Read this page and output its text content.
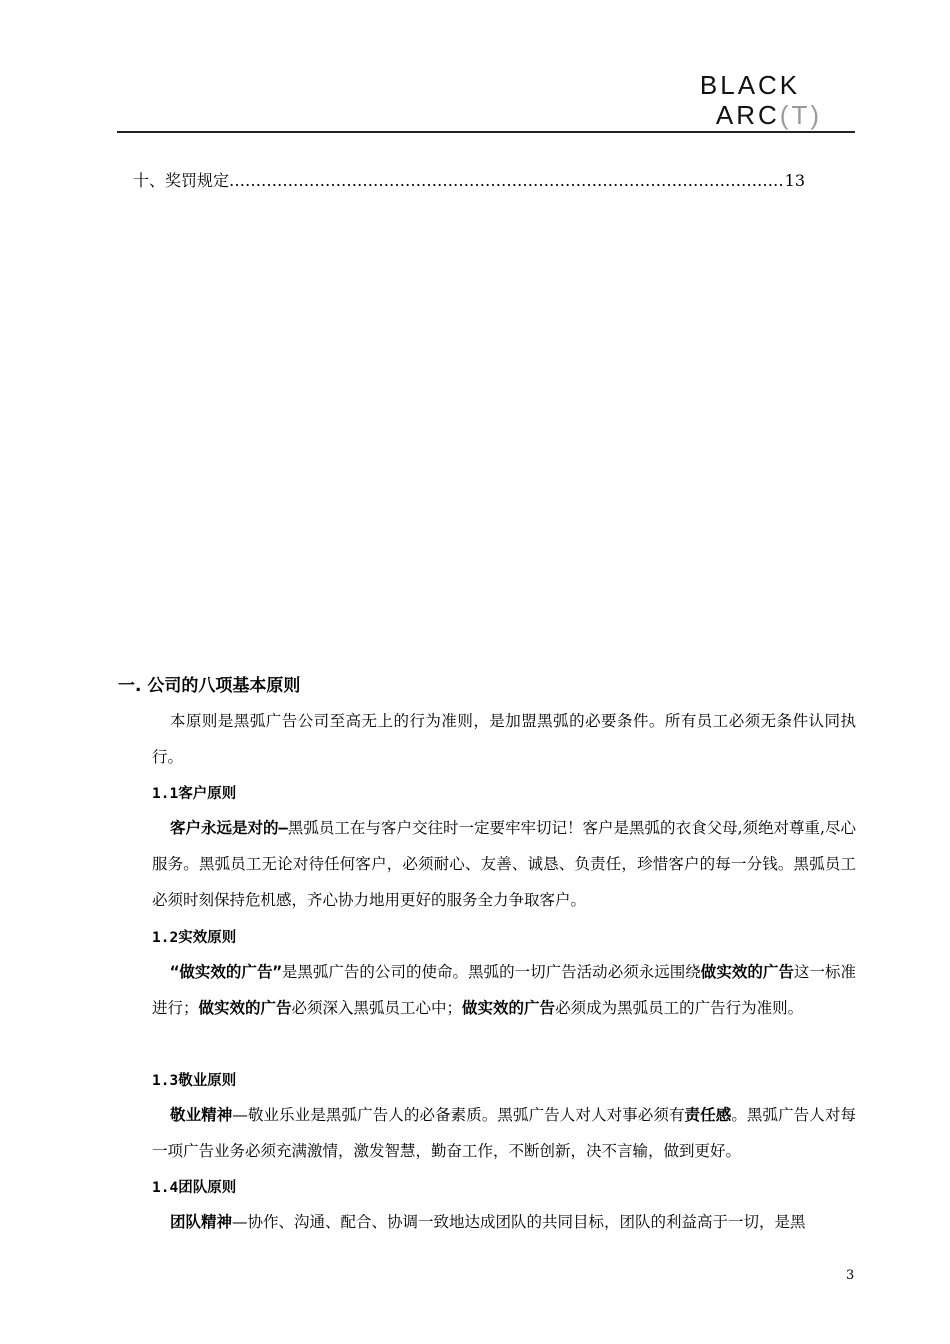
BLACK
ARC(T)
十、奖罚规定
……………………………………………………………………………………………………………………………………	13
一. 公司的八项基本原则
本原则是黑弧广告公司至高无上的行为准则，是加盟黑弧的必要条件。所有员工必须无条件认同执行。
1.1客户原则
客户永远是对的—黑弧员工在与客户交往时一定要牢牢切记！客户是黑弧的衣食父母,须绝对尊重,尽心服务。黑弧员工无论对待任何客户，必须耐心、友善、诚恳、负责任，珍惜客户的每一分钱。黑弧员工必须时刻保持危机感，齐心协力地用更好的服务全力争取客户。
1.2实效原则
“做实效的广告”是黑弧广告的公司的使命。黑弧的一切广告活动必须永远围绕做实效的广告这一标准进行；做实效的广告必须深入黑弧员工心中；做实效的广告必须成为黑弧员工的广告行为准则。
1.3敬业原则
敬业精神—敬业乐业是黑弧广告人的必备素质。黑弧广告人对人对事必须有责任感。黑弧广告人对每一项广告业务必须充满激情，激发智慧，勤奋工作，不断创新，决不言输，做到更好。
1.4团队原则
团队精神—协作、沟通、配合、协调一致地达成团队的共同目标，团队的利益高于一切，是黑
3
